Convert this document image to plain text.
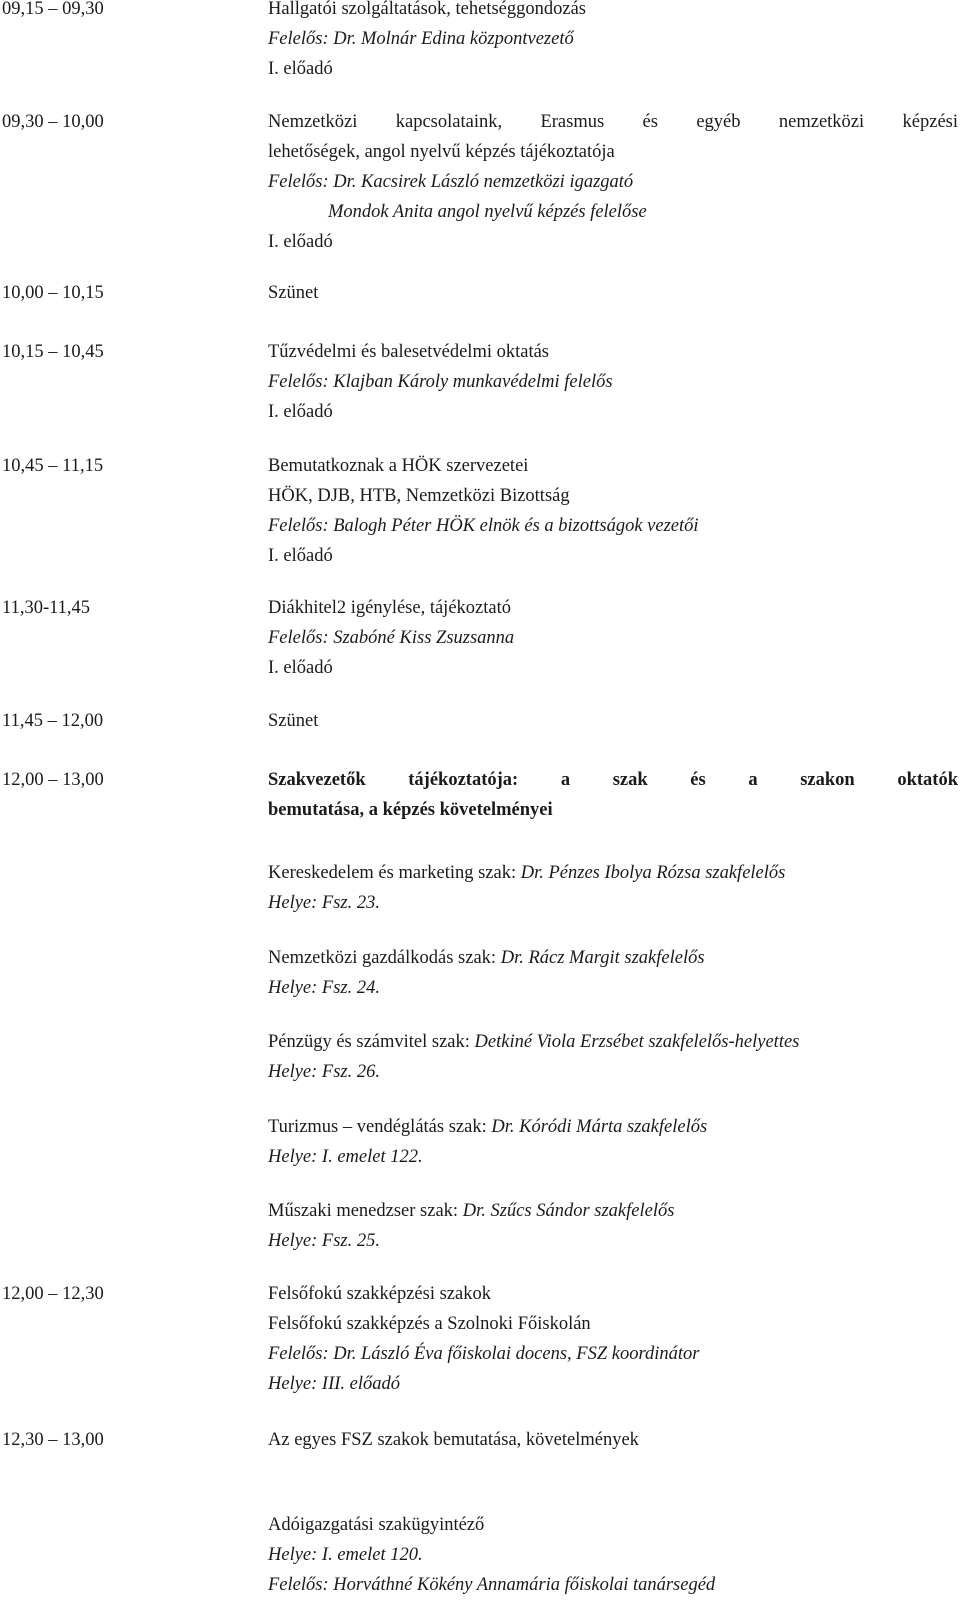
09,15 – 09,30	Hallgatói szolgáltatások, tehetséggondozás
Felelős: Dr. Molnár Edina központvezető
I. előadó
09,30 – 10,00	Nemzetközi kapcsolataink, Erasmus és egyéb nemzetközi képzési
lehetőségek, angol nyelvű képzés tájékoztatója
Felelős: Dr. Kacsirek László nemzetközi igazgató
Mondok Anita angol nyelvű képzés felelőse
I. előadó
10,00 – 10,15	Szünet
10,15 – 10,45	Tűzvédelmi és balesetvédelmi oktatás
Felelős: Klajban Károly munkavédelmi felelős
I. előadó
10,45 – 11,15	Bemutatkoznak a HÖK szervezetei
HÖK, DJB, HTB, Nemzetközi Bizottság
Felelős: Balogh Péter HÖK elnök és a bizottságok vezetői
I. előadó
11,30-11,45	Diákhitel2 igénylése, tájékoztató
Felelős: Szabóné Kiss Zsuzsanna
I. előadó
11,45 – 12,00	Szünet
12,00 – 13,00	Szakvezetők tájékoztatója: a szak és a szakon oktatók
bemutatása, a képzés követelményei
Kereskedelem és marketing szak: Dr. Pénzes Ibolya Rózsa szakfelelős
Helye: Fsz. 23.
Nemzetközi gazdálkodás szak: Dr. Rácz Margit szakfelelős
Helye: Fsz. 24.
Pénzügy és számvitel szak: Detkiné Viola Erzsébet szakfelelős-helyettes
Helye: Fsz. 26.
Turizmus – vendéglátás szak: Dr. Kóródi Márta szakfelelős
Helye: I. emelet 122.
Műszaki menedzser szak: Dr. Szűcs Sándor szakfelelős
Helye: Fsz. 25.
12,00 – 12,30	Felsőfokú szakképzési szakok
Felsőfokú szakképzés a Szolnoki Főiskolán
Felelős: Dr. László Éva főiskolai docens, FSZ koordinátor
Helye: III. előadó
12,30 – 13,00	Az egyes FSZ szakok bemutatása, követelmények
Adóigazgatási szakügyintéző
Helye: I. emelet 120.
Felelős: Horváthné Kökény Annamária főiskolai tanársegéd
